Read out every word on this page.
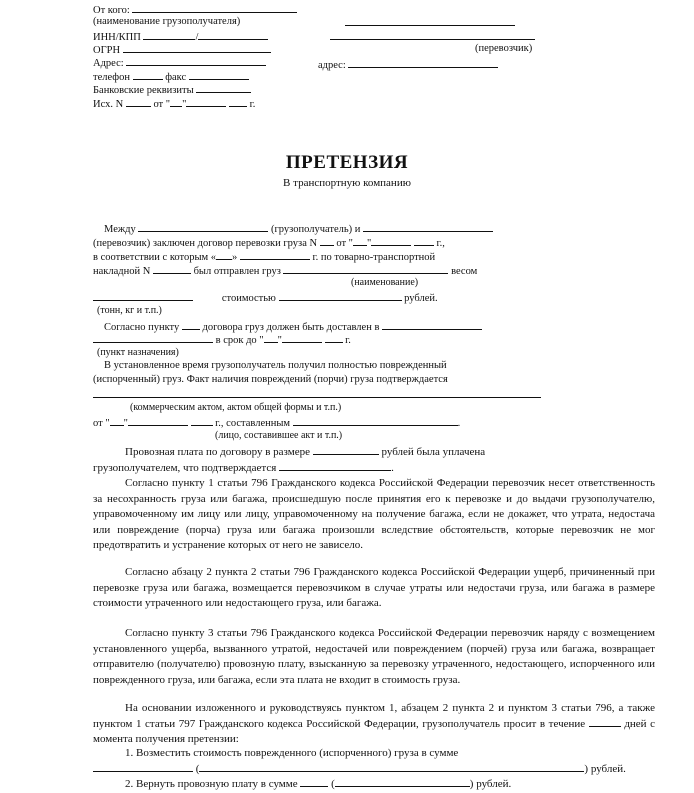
От кого:
(наименование грузополучателя)
ИНН/КПП	/
ОГРН	(перевозчик)
Адрес:	адрес:
телефон	факс
Банковские реквизиты
Исх. N	от " "	г.
ПРЕТЕНЗИЯ
В транспортную компанию
Между	(грузополучатель) и
(перевозчик) заключен договор перевозки груза N от " "	г.,
в соответствии с которым « »	г. по товарно-транспортной
накладной N	был отправлен груз	весом
(наименование)
стоимостью	рублей.
(тонн, кг и т.п.)
Согласно пункту договора груз должен быть доставлен в
в срок до " "	г.
(пункт назначения)
В установленное время грузополучатель получил полностью поврежденный
(испорченный) груз. Факт наличия повреждений (порчи) груза подтверждается
(коммерческим актом, актом общей формы и т.п.)
от " "	г., составленным	.
(лицо, составившее акт и т.п.)
Провозная плата по договору в размере	рублей была уплачена
грузополучателем, что подтверждается	.
Согласно пункту 1 статьи 796 Гражданского кодекса Российской Федерации перевозчик несет ответственность за несохранность груза или багажа, происшедшую после принятия его к перевозке и до выдачи грузополучателю, управомоченному им лицу или лицу, управомоченному на получение багажа, если не докажет, что утрата, недостача или повреждение (порча) груза или багажа произошли вследствие обстоятельств, которые перевозчик не мог предотвратить и устранение которых от него не зависело.
Согласно абзацу 2 пункта 2 статьи 796 Гражданского кодекса Российской Федерации ущерб, причиненный при перевозке груза или багажа, возмещается перевозчиком в случае утраты или недостачи груза, или багажа в размере стоимости утраченного или недостающего груза, или багажа.
Согласно пункту 3 статьи 796 Гражданского кодекса Российской Федерации перевозчик наряду с возмещением установленного ущерба, вызванного утратой, недостачей или повреждением (порчей) груза или багажа, возвращает отправителю (получателю) провозную плату, взысканную за перевозку утраченного, недостающего, испорченного или поврежденного груза, или багажа, если эта плата не входит в стоимость груза.
На основании изложенного и руководствуясь пунктом 1, абзацем 2 пункта 2 и пунктом 3 статьи 796, а также пунктом 1 статьи 797 Гражданского кодекса Российской Федерации, грузополучатель просит в течение	дней с момента получения претензии:
1. Возместить стоимость поврежденного (испорченного) груза в сумме
(	) рублей.
2. Вернуть провозную плату в сумме	(	) рублей.
